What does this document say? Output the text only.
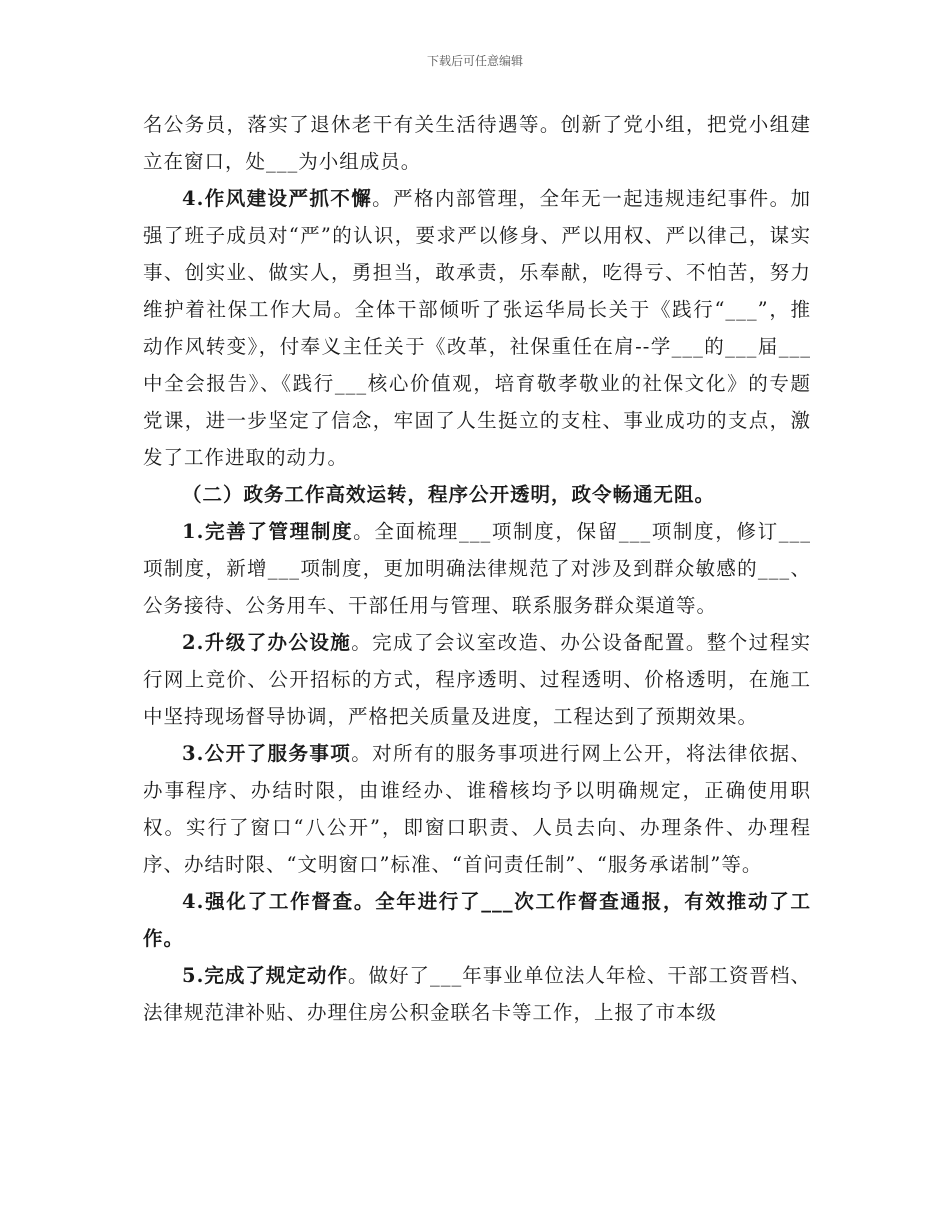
下载后可任意编辑

名公务员，落实了退休老干有关生活待遇等。创新了党小组，把党小组建立在窗口，处___为小组成员。

4.作风建设严抓不懈。严格内部管理，全年无一起违规违纪事件。加强了班子成员对“严”的认识，要求严以修身、严以用权、严以律己，谋实事、创实业、做实人，勇担当，敢承责，乐奉献，吃得亏、不怕苦，努力维护着社保工作大局。全体干部倾听了张运华局长关于《践行“___”，推动作风转变》，付奉义主任关于《改革，社保重任在肩--学___的___届___中全会报告》、《践行___核心价值观，培育敬孝敬业的社保文化》的专题党课，进一步坚定了信念，牢固了人生挺立的支柱、事业成功的支点，激发了工作进取的动力。

（二）政务工作高效运转，程序公开透明，政令畅通无阻。

1.完善了管理制度。全面梳理___项制度，保留___项制度，修订___项制度，新增___项制度，更加明确法律规范了对涉及到群众敏感的___、公务接待、公务用车、干部任用与管理、联系服务群众渠道等。

2.升级了办公设施。完成了会议室改造、办公设备配置。整个过程实行网上竞价、公开招标的方式，程序透明、过程透明、价格透明，在施工中坚持现场督导协调，严格把关质量及进度，工程达到了预期效果。

3.公开了服务事项。对所有的服务事项进行网上公开，将法律依据、办事程序、办结时限，由谁经办、谁稽核均予以明确规定，正确使用职权。实行了窗口“八公开”，即窗口职责、人员去向、办理条件、办理程序、办结时限、“文明窗口”标准、“首问责任制”、“服务承诺制”等。

4.强化了工作督查。全年进行了___次工作督查通报，有效推动了工作。

5.完成了规定动作。做好了___年事业单位法人年检、干部工资晋档、法律规范津补贴、办理住房公积金联名卡等工作，上报了市本级
